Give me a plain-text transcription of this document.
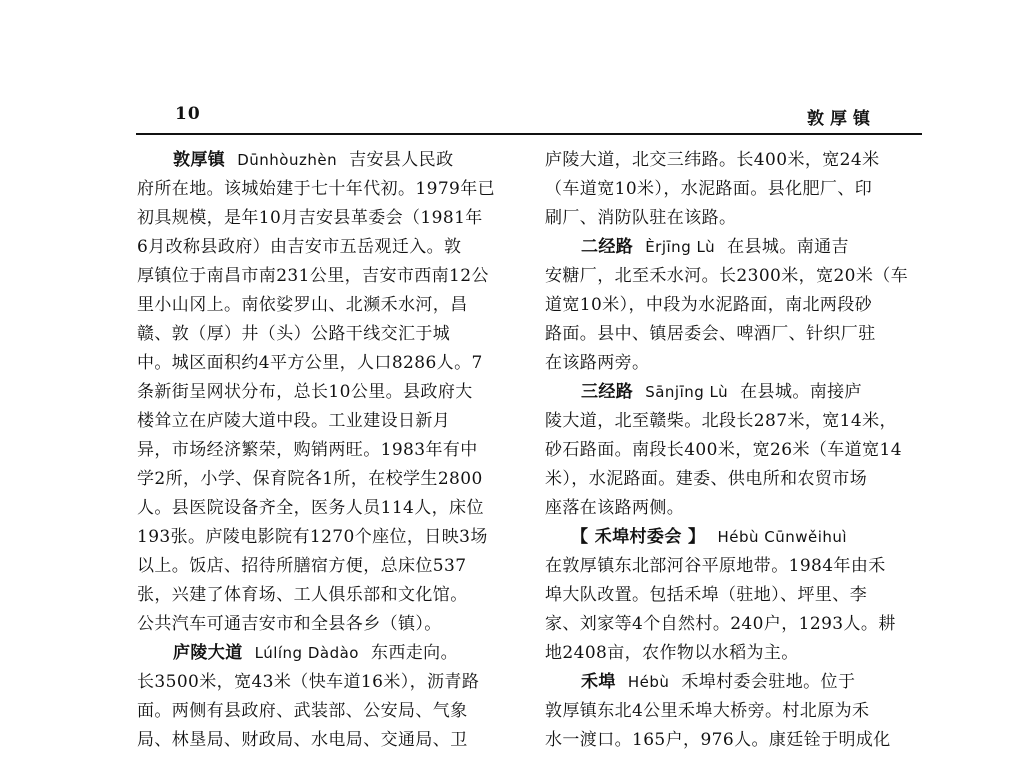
10	敦厚镇
敦厚镇 Dūnhòuzhèn 吉安县人民政
府所在地。该城始建于七十年代初。1979年已
初具规模，是年10月吉安县革委会（1981年
6月改称县政府）由吉安市五岳观迁入。敦
厚镇位于南昌市南231公里，吉安市西南12公
里小山冈上。南依娑罗山、北濒禾水河，昌
赣、敦（厚）井（头）公路干线交汇于城
中。城区面积约4平方公里，人口8286人。7
条新街呈网状分布，总长10公里。县政府大
楼耸立在庐陵大道中段。工业建设日新月
异，市场经济繁荣，购销两旺。1983年有中
学2所，小学、保育院各1所，在校学生2800
人。县医院设备齐全，医务人员114人，床位
193张。庐陵电影院有1270个座位，日映3场
以上。饭店、招待所膳宿方便，总床位537
张，兴建了体育场、工人俱乐部和文化馆。
公共汽车可通吉安市和全县各乡（镇）。
庐陵大道 Lúlíng Dàdào 东西走向。
长3500米，宽43米（快车道16米），沥青路
面。两侧有县政府、武装部、公安局、气象
局、林垦局、财政局、水电局、交通局、卫
庐陵大道，北交三纬路。长400米，宽24米
（车道宽10米），水泥路面。县化肥厂、印
刷厂、消防队驻在该路。
二经路 Èrjīng Lù 在县城。南通吉
安糖厂，北至禾水河。长2300米，宽20米（车
道宽10米），中段为水泥路面，南北两段砂
路面。县中、镇居委会、啤酒厂、针织厂驻
在该路两旁。
三经路 Sānjīng Lù 在县城。南接庐
陵大道，北至赣柴。北段长287米，宽14米，
砂石路面。南段长400米，宽26米（车道宽14
米），水泥路面。建委、供电所和农贸市场
座落在该路两侧。
【 禾埠村委会 】 Hébù Cūnwěihuì
在敦厚镇东北部河谷平原地带。1984年由禾
埠大队改置。包括禾埠（驻地）、坪里、李
家、刘家等4个自然村。240户，1293人。耕
地2408亩，农作物以水稻为主。
禾埠 Hébù 禾埠村委会驻地。位于
敦厚镇东北4公里禾埠大桥旁。村北原为禾
水一渡口。165户，976人。康廷铨于明成化
